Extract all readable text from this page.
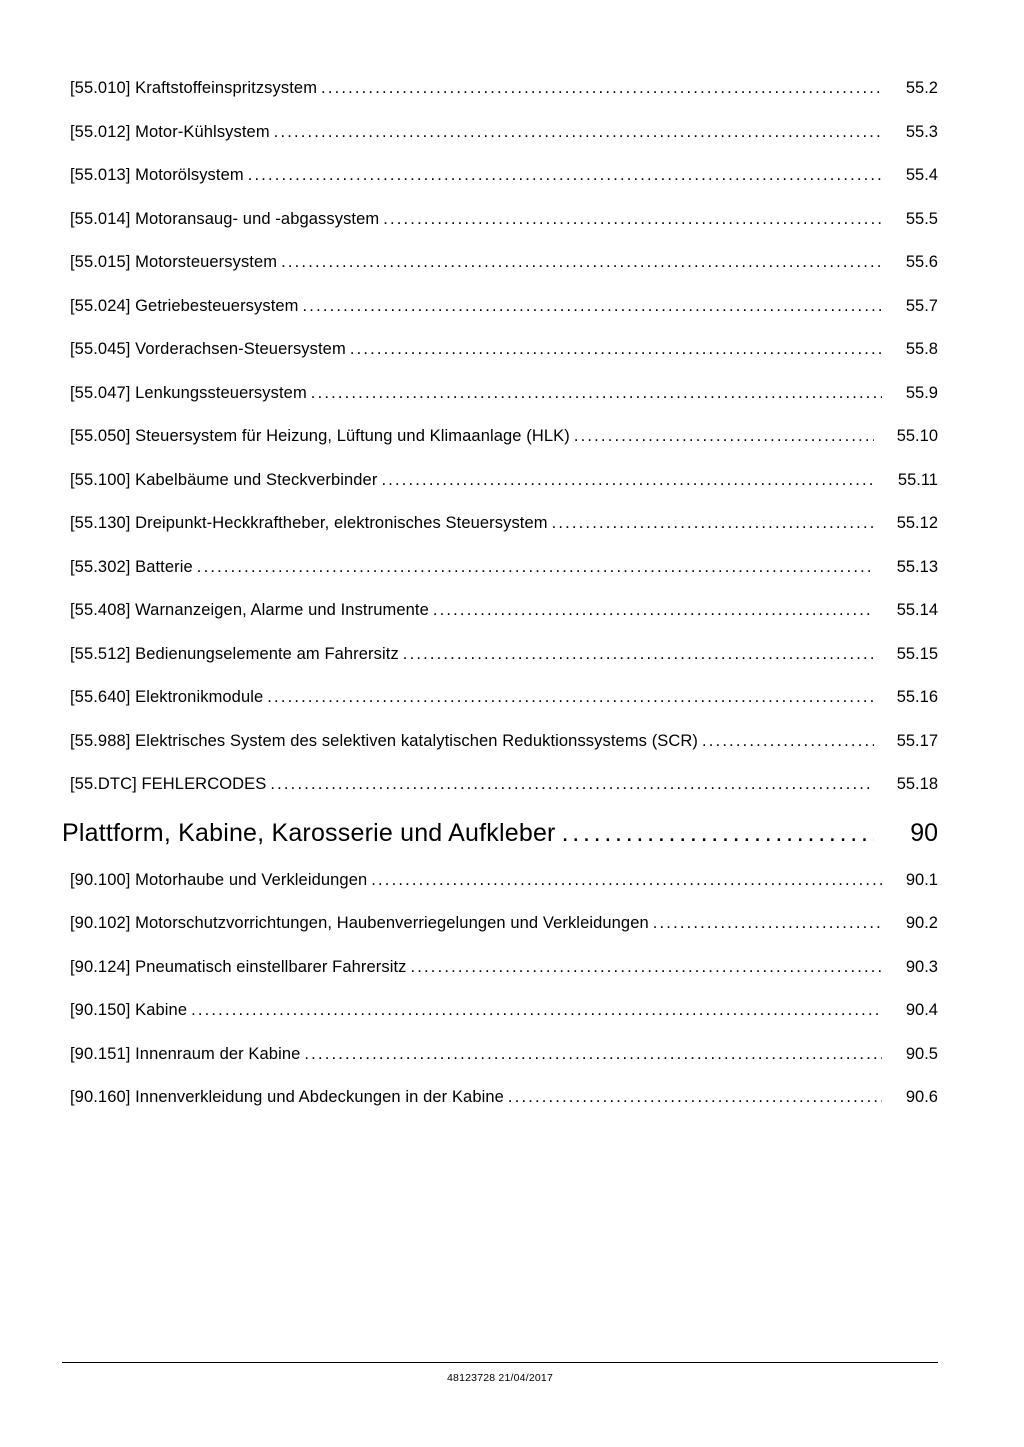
[55.010] Kraftstoffeinspritzsystem . . .	55.2
[55.012] Motor-Kühlsystem . . .	55.3
[55.013] Motorölsystem . . .	55.4
[55.014] Motoransaug- und -abgassystem . . .	55.5
[55.015] Motorsteuersystem . . .	55.6
[55.024] Getriebesteuersystem . . .	55.7
[55.045] Vorderachsen-Steuersystem . . .	55.8
[55.047] Lenkungssteuersystem . . .	55.9
[55.050] Steuersystem für Heizung, Lüftung und Klimaanlage (HLK) . . .	55.10
[55.100] Kabelbäume und Steckverbinder . . .	55.11
[55.130] Dreipunkt-Heckkraftheber, elektronisches Steuersystem . . .	55.12
[55.302] Batterie . . .	55.13
[55.408] Warnanzeigen, Alarme und Instrumente . . .	55.14
[55.512] Bedienungselemente am Fahrersitz . . .	55.15
[55.640] Elektronikmodule . . .	55.16
[55.988] Elektrisches System des selektiven katalytischen Reduktionssystems (SCR) . . .	55.17
[55.DTC] FEHLERCODES . . .	55.18
Plattform, Kabine, Karosserie und Aufkleber . . .	90
[90.100] Motorhaube und Verkleidungen . . .	90.1
[90.102] Motorschutzvorrichtungen, Haubenverriegelungen und Verkleidungen . . .	90.2
[90.124] Pneumatisch einstellbarer Fahrersitz . . .	90.3
[90.150] Kabine . . .	90.4
[90.151] Innenraum der Kabine . . .	90.5
[90.160] Innenverkleidung und Abdeckungen in der Kabine . . .	90.6
48123728 21/04/2017
